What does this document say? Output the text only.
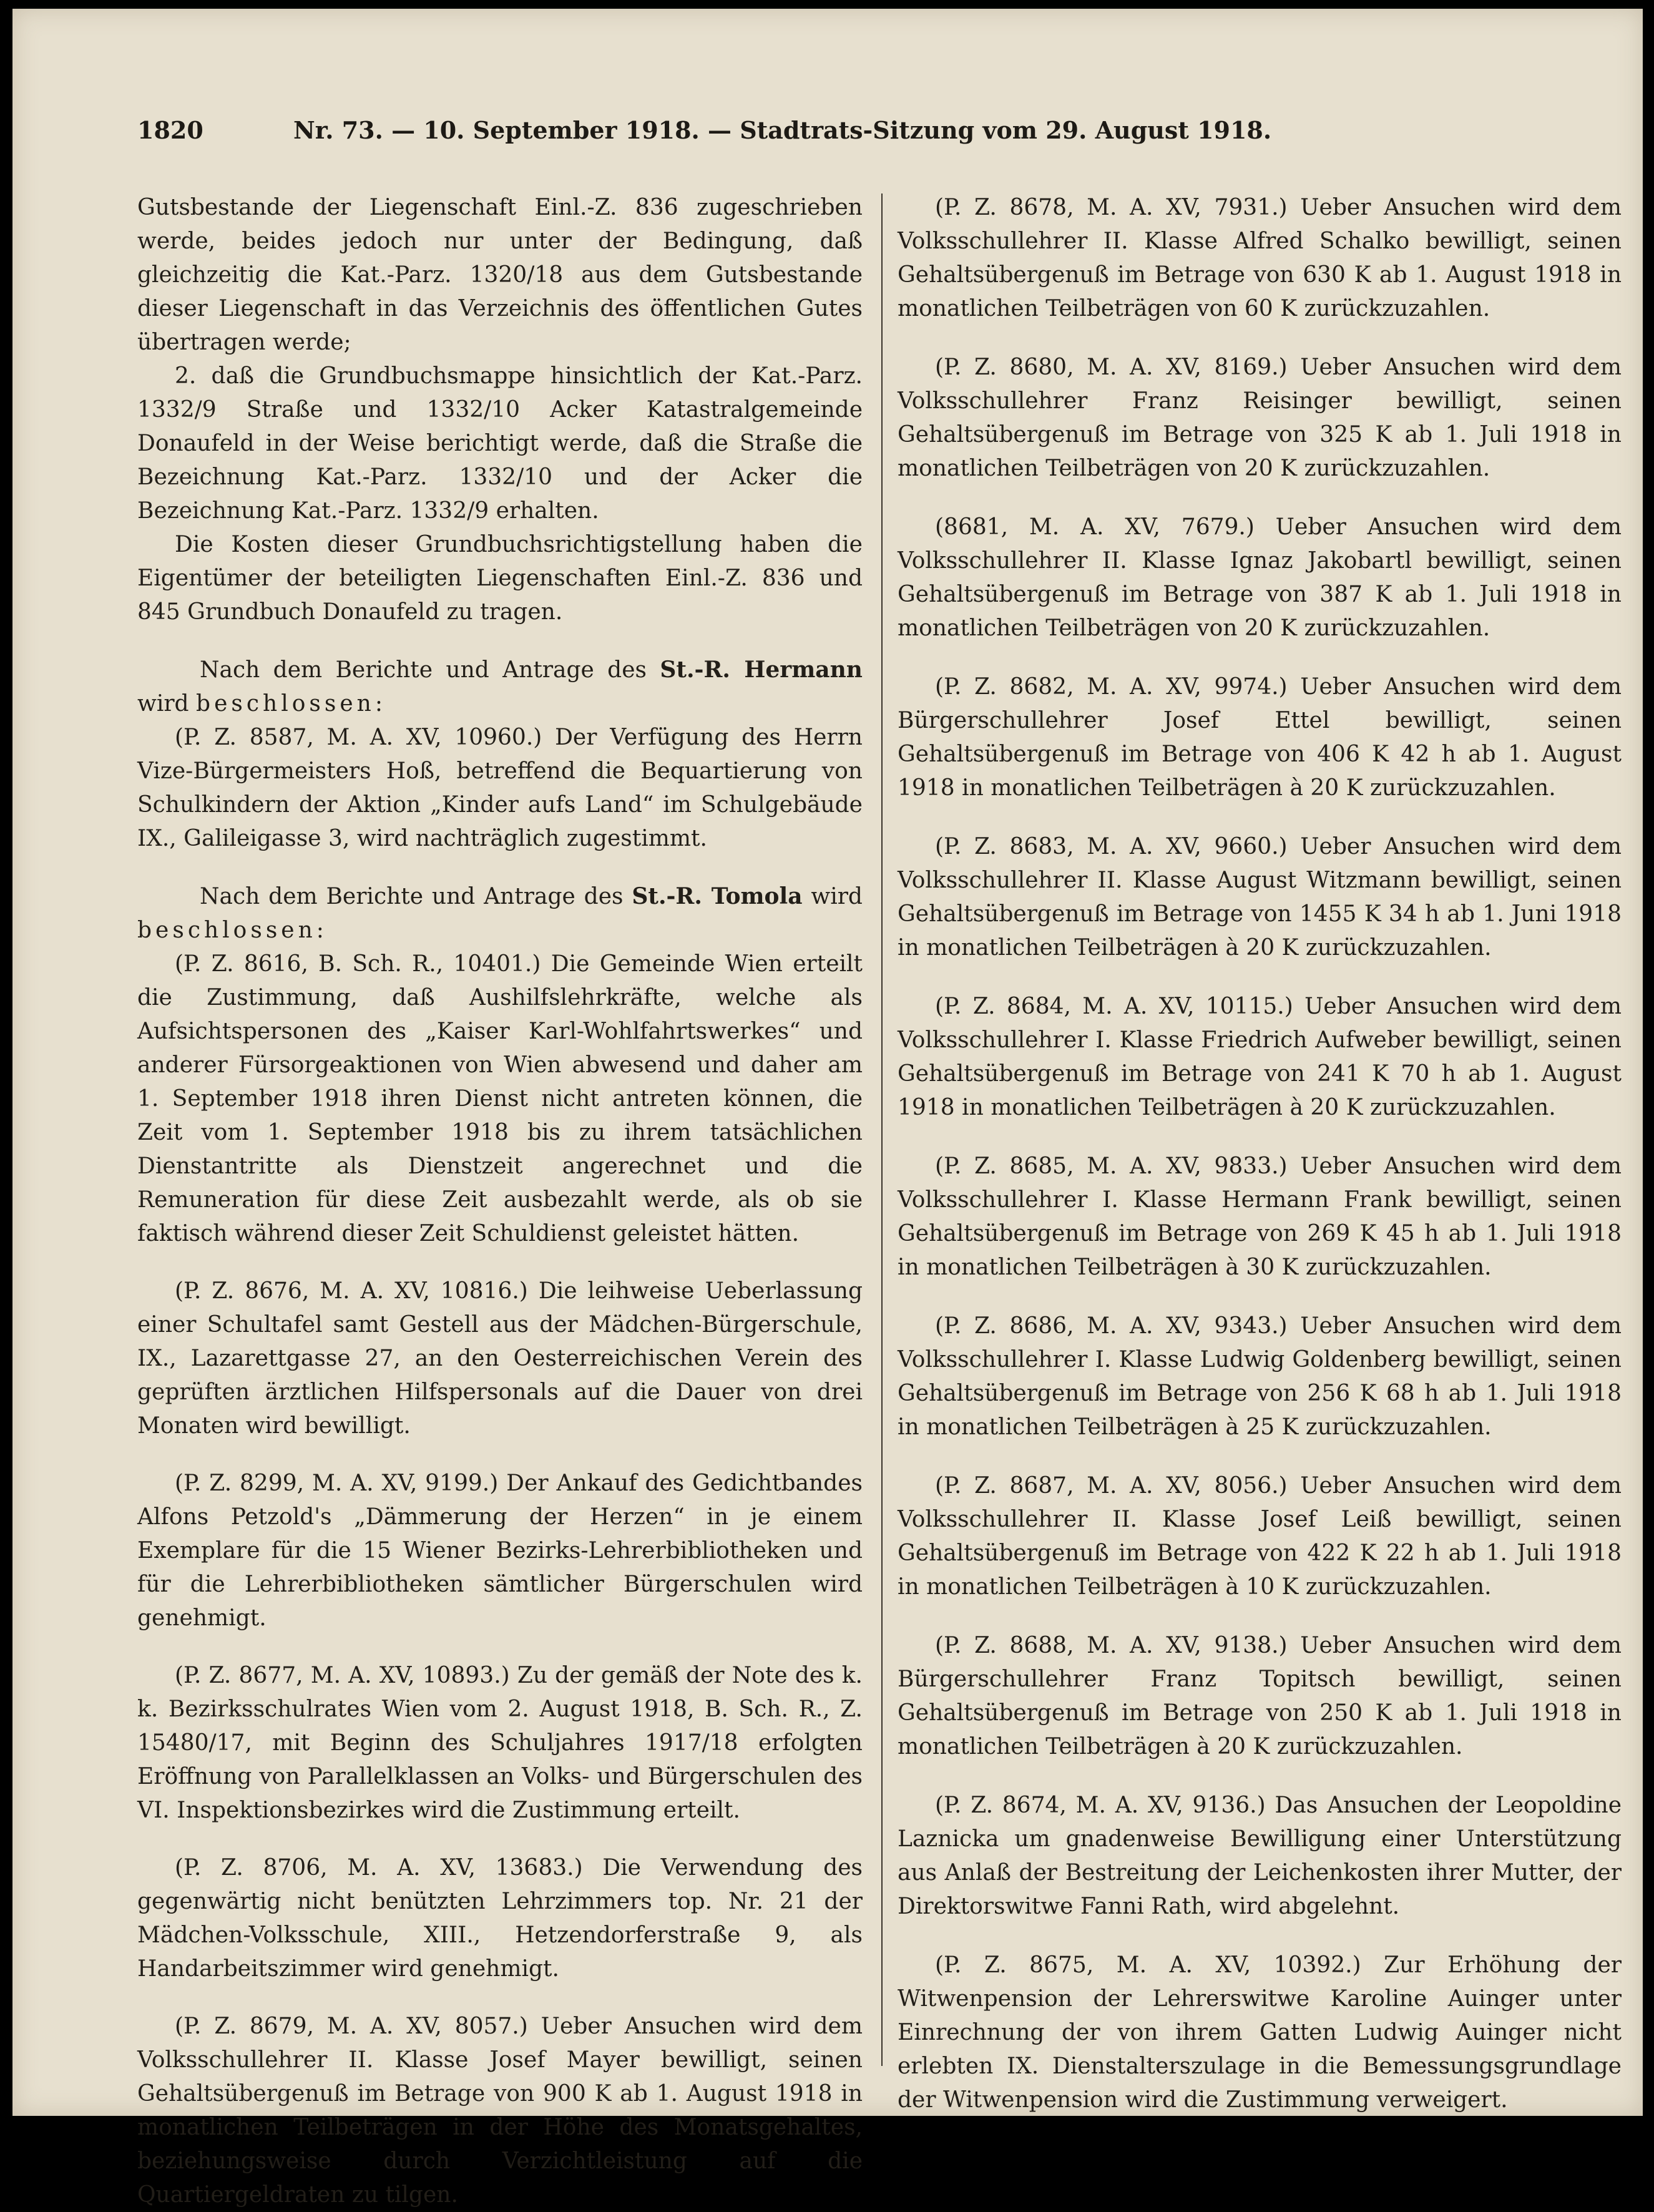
1820	Nr. 73. — 10. September 1918. — Stadtrats-Sitzung vom 29. August 1918.

Gutsbestande der Liegenschaft Einl.-Z. 836 zugeschrieben werde, beides jedoch nur unter der Bedingung, daß gleichzeitig die Kat.-Parz. 1320/18 aus dem Gutsbestande dieser Liegenschaft in das Verzeichnis des öffentlichen Gutes übertragen werde;

2. daß die Grundbuchsmappe hinsichtlich der Kat.-Parz. 1332/9 Straße und 1332/10 Acker Katastralgemeinde Donaufeld in der Weise berichtigt werde, daß die Straße die Bezeichnung Kat.-Parz. 1332/10 und der Acker die Bezeichnung Kat.-Parz. 1332/9 erhalten.

Die Kosten dieser Grundbuchsrichtigstellung haben die Eigentümer der beteiligten Liegenschaften Einl.-Z. 836 und 845 Grundbuch Donaufeld zu tragen.

Nach dem Berichte und Antrage des St.-R. Hermann wird beschlossen:

(P. Z. 8587, M. A. XV, 10960.) Der Verfügung des Herrn Vize-Bürgermeisters Hoß, betreffend die Bequartierung von Schulkindern der Aktion „Kinder aufs Land“ im Schulgebäude IX., Galileigasse 3, wird nachträglich zugestimmt.

Nach dem Berichte und Antrage des St.-R. Tomola wird beschlossen:

(P. Z. 8616, B. Sch. R., 10401.) Die Gemeinde Wien erteilt die Zustimmung, daß Aushilfslehrkräfte, welche als Aufsichtspersonen des „Kaiser Karl-Wohlfahrtswerkes“ und anderer Fürsorgeaktionen von Wien abwesend und daher am 1. September 1918 ihren Dienst nicht antreten können, die Zeit vom 1. September 1918 bis zu ihrem tatsächlichen Dienstantritte als Dienstzeit angerechnet und die Remuneration für diese Zeit ausbezahlt werde, als ob sie faktisch während dieser Zeit Schuldienst geleistet hätten.

(P. Z. 8676, M. A. XV, 10816.) Die leihweise Ueberlassung einer Schultafel samt Gestell aus der Mädchen-Bürgerschule, IX., Lazarettgasse 27, an den Oesterreichischen Verein des geprüften ärztlichen Hilfspersonals auf die Dauer von drei Monaten wird bewilligt.

(P. Z. 8299, M. A. XV, 9199.) Der Ankauf des Gedichtbandes Alfons Petzold's „Dämmerung der Herzen“ in je einem Exemplare für die 15 Wiener Bezirks-Lehrerbibliotheken und für die Lehrerbibliotheken sämtlicher Bürgerschulen wird genehmigt.

(P. Z. 8677, M. A. XV, 10893.) Zu der gemäß der Note des k. k. Bezirksschulrates Wien vom 2. August 1918, B. Sch. R., Z. 15480/17, mit Beginn des Schuljahres 1917/18 erfolgten Eröffnung von Parallelklassen an Volks- und Bürgerschulen des VI. Inspektionsbezirkes wird die Zustimmung erteilt.

(P. Z. 8706, M. A. XV, 13683.) Die Verwendung des gegenwärtig nicht benützten Lehrzimmers top. Nr. 21 der Mädchen-Volksschule, XIII., Hetzendorferstraße 9, als Handarbeitszimmer wird genehmigt.

(P. Z. 8679, M. A. XV, 8057.) Ueber Ansuchen wird dem Volksschullehrer II. Klasse Josef Mayer bewilligt, seinen Gehaltsübergenuß im Betrage von 900 K ab 1. August 1918 in monatlichen Teilbeträgen in der Höhe des Monatsgehaltes, beziehungsweise durch Verzichtleistung auf die Quartiergeldraten zu tilgen.

(P. Z. 8678, M. A. XV, 7931.) Ueber Ansuchen wird dem Volksschullehrer II. Klasse Alfred Schalko bewilligt, seinen Gehaltsübergenuß im Betrage von 630 K ab 1. August 1918 in monatlichen Teilbeträgen von 60 K zurückzuzahlen.

(P. Z. 8680, M. A. XV, 8169.) Ueber Ansuchen wird dem Volksschullehrer Franz Reisinger bewilligt, seinen Gehaltsübergenuß im Betrage von 325 K ab 1. Juli 1918 in monatlichen Teilbeträgen von 20 K zurückzuzahlen.

(8681, M. A. XV, 7679.) Ueber Ansuchen wird dem Volksschullehrer II. Klasse Ignaz Jakobartl bewilligt, seinen Gehaltsübergenuß im Betrage von 387 K ab 1. Juli 1918 in monatlichen Teilbeträgen von 20 K zurückzuzahlen.

(P. Z. 8682, M. A. XV, 9974.) Ueber Ansuchen wird dem Bürgerschullehrer Josef Ettel bewilligt, seinen Gehaltsübergenuß im Betrage von 406 K 42 h ab 1. August 1918 in monatlichen Teilbeträgen à 20 K zurückzuzahlen.

(P. Z. 8683, M. A. XV, 9660.) Ueber Ansuchen wird dem Volksschullehrer II. Klasse August Witzmann bewilligt, seinen Gehaltsübergenuß im Betrage von 1455 K 34 h ab 1. Juni 1918 in monatlichen Teilbeträgen à 20 K zurückzuzahlen.

(P. Z. 8684, M. A. XV, 10115.) Ueber Ansuchen wird dem Volksschullehrer I. Klasse Friedrich Aufweber bewilligt, seinen Gehaltsübergenuß im Betrage von 241 K 70 h ab 1. August 1918 in monatlichen Teilbeträgen à 20 K zurückzuzahlen.

(P. Z. 8685, M. A. XV, 9833.) Ueber Ansuchen wird dem Volksschullehrer I. Klasse Hermann Frank bewilligt, seinen Gehaltsübergenuß im Betrage von 269 K 45 h ab 1. Juli 1918 in monatlichen Teilbeträgen à 30 K zurückzuzahlen.

(P. Z. 8686, M. A. XV, 9343.) Ueber Ansuchen wird dem Volksschullehrer I. Klasse Ludwig Goldenberg bewilligt, seinen Gehaltsübergenuß im Betrage von 256 K 68 h ab 1. Juli 1918 in monatlichen Teilbeträgen à 25 K zurückzuzahlen.

(P. Z. 8687, M. A. XV, 8056.) Ueber Ansuchen wird dem Volksschullehrer II. Klasse Josef Leiß bewilligt, seinen Gehaltsübergenuß im Betrage von 422 K 22 h ab 1. Juli 1918 in monatlichen Teilbeträgen à 10 K zurückzuzahlen.

(P. Z. 8688, M. A. XV, 9138.) Ueber Ansuchen wird dem Bürgerschullehrer Franz Topitsch bewilligt, seinen Gehaltsübergenuß im Betrage von 250 K ab 1. Juli 1918 in monatlichen Teilbeträgen à 20 K zurückzuzahlen.

(P. Z. 8674, M. A. XV, 9136.) Das Ansuchen der Leopoldine Laznicka um gnadenweise Bewilligung einer Unterstützung aus Anlaß der Bestreitung der Leichenkosten ihrer Mutter, der Direktorswitwe Fanni Rath, wird abgelehnt.

(P. Z. 8675, M. A. XV, 10392.) Zur Erhöhung der Witwenpension der Lehrerswitwe Karoline Auinger unter Einrechnung der von ihrem Gatten Ludwig Auinger nicht erlebten IX. Dienstalterszulage in die Bemessungsgrundlage der Witwenpension wird die Zustimmung verweigert.
